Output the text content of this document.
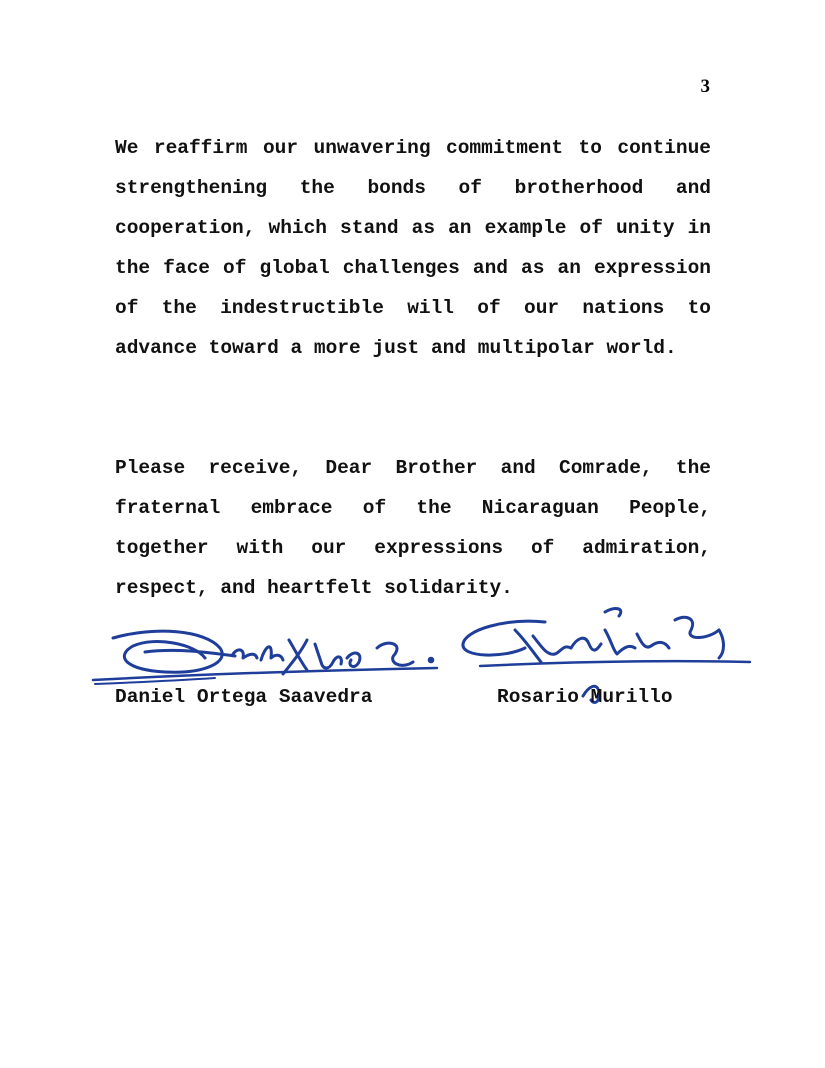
3

We reaffirm our unwavering commitment to continue strengthening the bonds of brotherhood and cooperation, which stand as an example of unity in the face of global challenges and as an expression of the indestructible will of our nations to advance toward a more just and multipolar world.

Please receive, Dear Brother and Comrade, the fraternal embrace of the Nicaraguan People, together with our expressions of admiration, respect, and heartfelt solidarity.

Daniel Ortega Saavedra	Rosario Murillo
